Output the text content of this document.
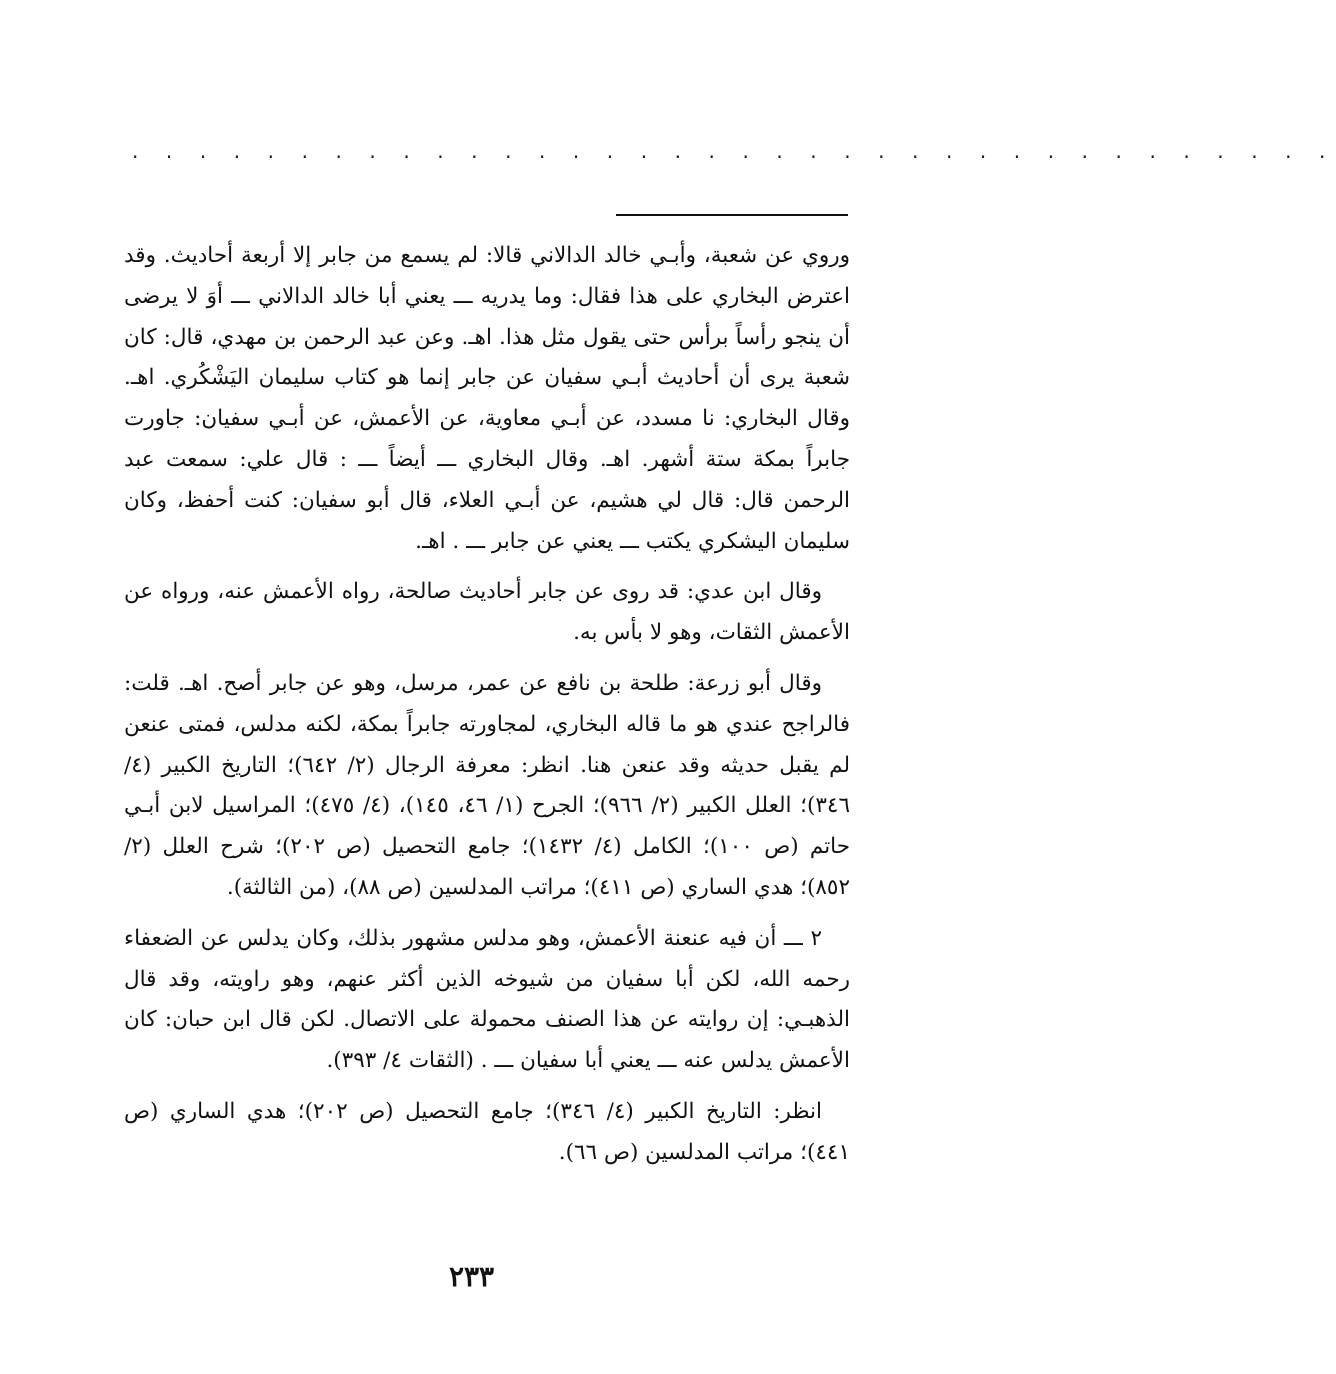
· · · · · · · · · · · · · · · · · · · · · · · · · · · · · · · · · · · ·

وروي عن شعبة، وأبـي خالد الدالاني قالا: لم يسمع من جابر إلا أربعة أحاديث. وقد اعترض البخاري على هذا فقال: وما يدريه ـــ يعني أبا خالد الدالاني ـــ أوَ لا يرضى أن ينجو رأساً برأس حتى يقول مثل هذا. اهـ. وعن عبد الرحمن بن مهدي، قال: كان شعبة يرى أن أحاديث أبـي سفيان عن جابر إنما هو كتاب سليمان اليَشْكُري. اهـ. وقال البخاري: نا مسدد، عن أبـي معاوية، عن الأعمش، عن أبـي سفيان: جاورت جابراً بمكة ستة أشهر. اهـ. وقال البخاري ـــ أيضاً ـــ : قال علي: سمعت عبد الرحمن قال: قال لي هشيم، عن أبـي العلاء، قال أبو سفيان: كنت أحفظ، وكان سليمان اليشكري يكتب ـــ يعني عن جابر ـــ . اهـ.

وقال ابن عدي: قد روى عن جابر أحاديث صالحة، رواه الأعمش عنه، ورواه عن الأعمش الثقات، وهو لا بأس به.

وقال أبو زرعة: طلحة بن نافع عن عمر، مرسل، وهو عن جابر أصح. اهـ. قلت: فالراجح عندي هو ما قاله البخاري، لمجاورته جابراً بمكة، لكنه مدلس، فمتى عنعن لم يقبل حديثه وقد عنعن هنا. انظر: معرفة الرجال (٢/ ٦٤٢)؛ التاريخ الكبير (٤/ ٣٤٦)؛ العلل الكبير (٢/ ٩٦٦)؛ الجرح (١/ ٤٦، ١٤٥)، (٤/ ٤٧٥)؛ المراسيل لابن أبـي حاتم (ص ١٠٠)؛ الكامل (٤/ ١٤٣٢)؛ جامع التحصيل (ص ٢٠٢)؛ شرح العلل (٢/ ٨٥٢)؛ هدي الساري (ص ٤١١)؛ مراتب المدلسين (ص ٨٨)، (من الثالثة).

٢ ـــ أن فيه عنعنة الأعمش، وهو مدلس مشهور بذلك، وكان يدلس عن الضعفاء رحمه الله، لكن أبا سفيان من شيوخه الذين أكثر عنهم، وهو راويته، وقد قال الذهبـي: إن روايته عن هذا الصنف محمولة على الاتصال. لكن قال ابن حبان: كان الأعمش يدلس عنه ـــ يعني أبا سفيان ـــ . (الثقات ٤/ ٣٩٣).

انظر: التاريخ الكبير (٤/ ٣٤٦)؛ جامع التحصيل (ص ٢٠٢)؛ هدي الساري (ص ٤٤١)؛ مراتب المدلسين (ص ٦٦).

٢٣٣
